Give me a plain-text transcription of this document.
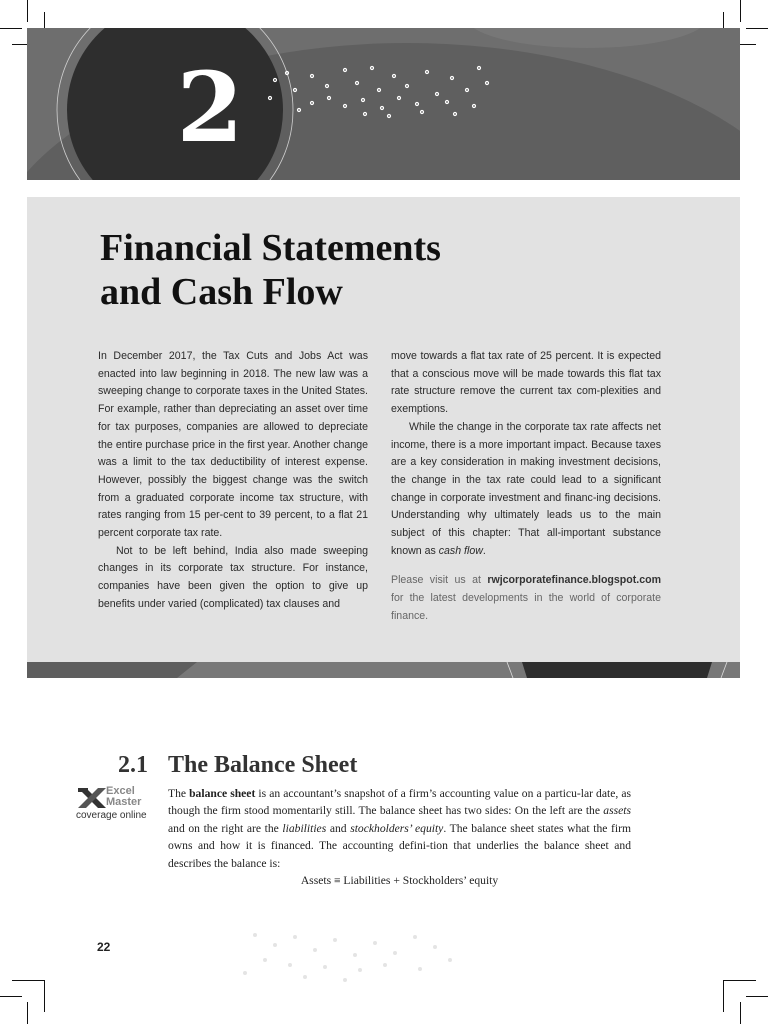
2
Financial Statements
and Cash Flow

In December 2017, the Tax Cuts and Jobs Act was enacted into law beginning in 2018. The new law was a sweeping change to corporate taxes in the United States. For example, rather than depreciating an asset over time for tax purposes, companies are allowed to depreciate the entire purchase price in the first year. Another change was a limit to the tax deductibility of interest expense. However, possibly the biggest change was the switch from a graduated corporate income tax structure, with rates ranging from 15 per-cent to 39 percent, to a flat 21 percent corporate tax rate.

Not to be left behind, India also made sweeping changes in its corporate tax structure. For instance, companies have been given the option to give up benefits under varied (complicated) tax clauses and

move towards a flat tax rate of 25 percent. It is expected that a conscious move will be made towards this flat tax rate structure remove the current tax com-plexities and exemptions.

While the change in the corporate tax rate affects net income, there is a more important impact. Because taxes are a key consideration in making investment decisions, the change in the tax rate could lead to a significant change in corporate investment and financ-ing decisions. Understanding why ultimately leads us to the main subject of this chapter: That all-important substance known as cash flow.

Please visit us at rwjcorporatefinance.blogspot.com for the latest developments in the world of corporate finance.

2.1 The Balance Sheet
Excel
Master
coverage online

The balance sheet is an accountant’s snapshot of a firm’s accounting value on a particu-lar date, as though the firm stood momentarily still. The balance sheet has two sides: On the left are the assets and on the right are the liabilities and stockholders’ equity. The balance sheet states what the firm owns and how it is financed. The accounting defini-tion that underlies the balance sheet and describes the balance is:

Assets ≡ Liabilities + Stockholders’ equity
22
